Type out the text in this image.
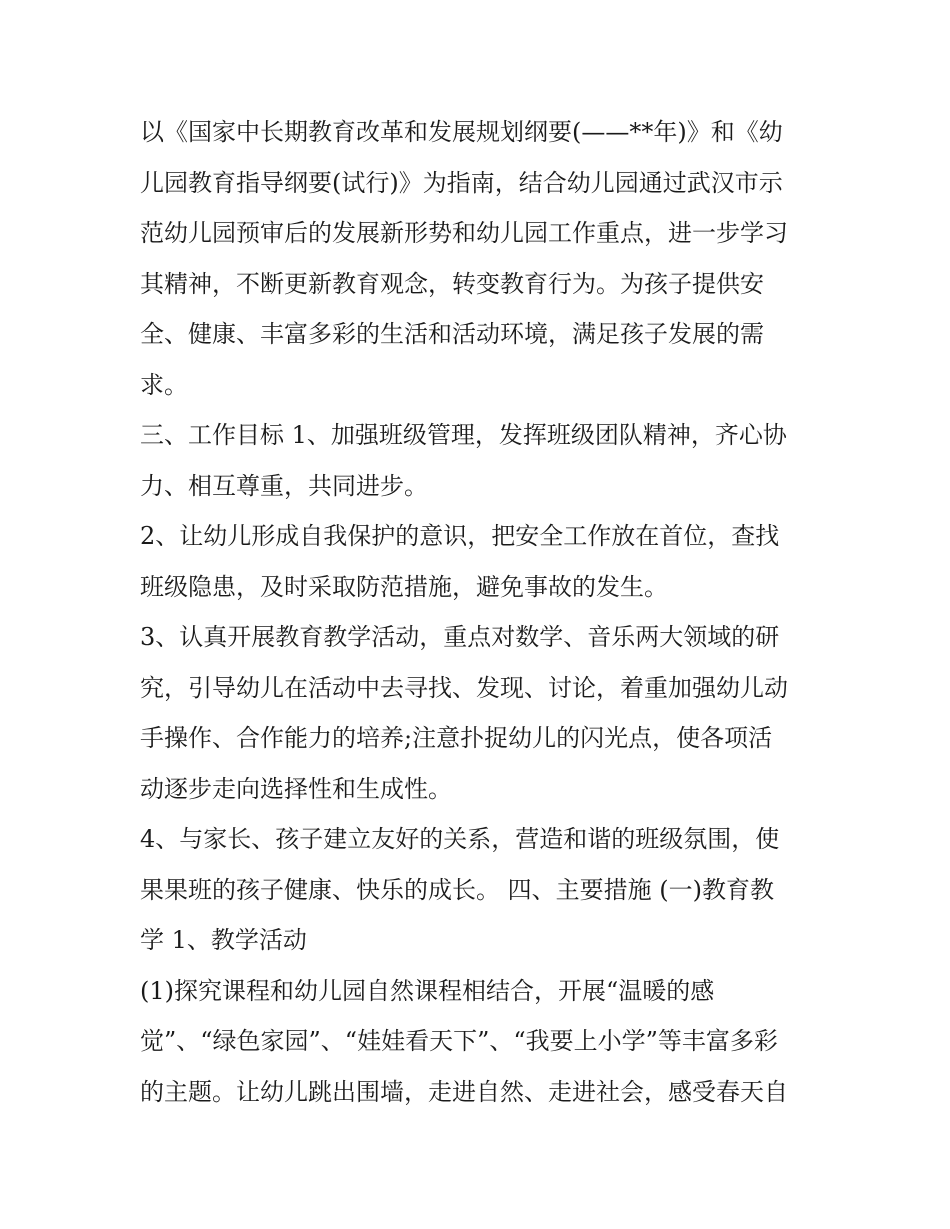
以《国家中长期教育改革和发展规划纲要(——**年)》和《幼
儿园教育指导纲要(试行)》为指南，结合幼儿园通过武汉市示
范幼儿园预审后的发展新形势和幼儿园工作重点，进一步学习
其精神，不断更新教育观念，转变教育行为。为孩子提供安
全、健康、丰富多彩的生活和活动环境，满足孩子发展的需
求。
三、工作目标 1、加强班级管理，发挥班级团队精神，齐心协
力、相互尊重，共同进步。
2、让幼儿形成自我保护的意识，把安全工作放在首位，查找
班级隐患，及时采取防范措施，避免事故的发生。
3、认真开展教育教学活动，重点对数学、音乐两大领域的研
究，引导幼儿在活动中去寻找、发现、讨论，着重加强幼儿动
手操作、合作能力的培养;注意扑捉幼儿的闪光点，使各项活
动逐步走向选择性和生成性。
4、与家长、孩子建立友好的关系，营造和谐的班级氛围，使
果果班的孩子健康、快乐的成长。 四、主要措施 (一)教育教
学 1、教学活动
(1)探究课程和幼儿园自然课程相结合，开展“温暖的感
觉”、“绿色家园”、“娃娃看天下”、“我要上小学”等丰富多彩
的主题。让幼儿跳出围墙，走进自然、走进社会，感受春天自
